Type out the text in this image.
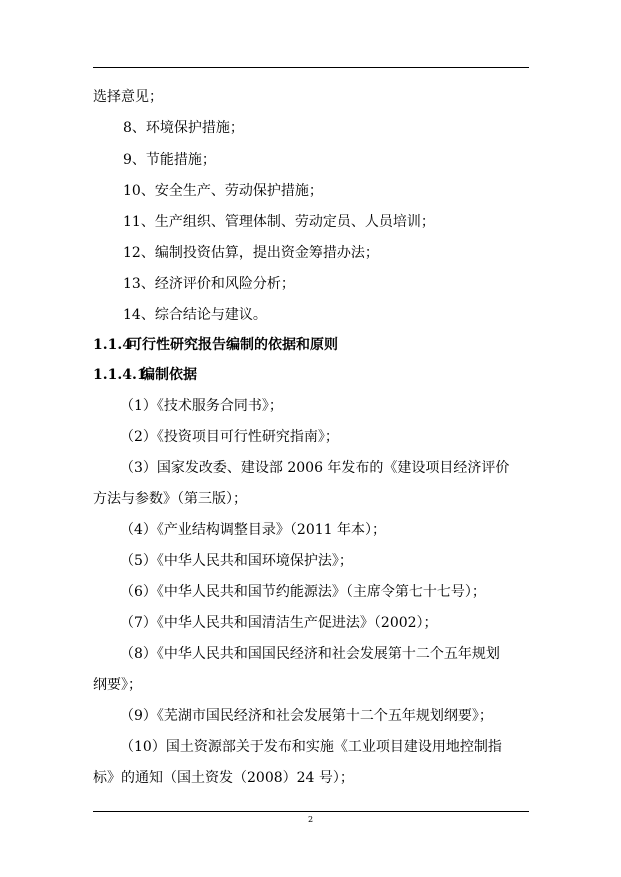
选择意见；
8、环境保护措施；
9、节能措施；
10、安全生产、劳动保护措施；
11、生产组织、管理体制、劳动定员、人员培训；
12、编制投资估算，提出资金筹措办法；
13、经济评价和风险分析；
14、综合结论与建议。
1.1.4可行性研究报告编制的依据和原则
1.1.4.1编制依据
（1）《技术服务合同书》；
（2）《投资项目可行性研究指南》；
（3）国家发改委、建设部 2006 年发布的《建设项目经济评价
方法与参数》（第三版）；
（4）《产业结构调整目录》（2011 年本）；
（5）《中华人民共和国环境保护法》；
（6）《中华人民共和国节约能源法》（主席令第七十七号）；
（7）《中华人民共和国清洁生产促进法》（2002）；
（8）《中华人民共和国国民经济和社会发展第十二个五年规划
纲要》；
（9）《芜湖市国民经济和社会发展第十二个五年规划纲要》；
（10）国土资源部关于发布和实施《工业项目建设用地控制指
标》的通知（国土资发（2008）24 号）；
2
